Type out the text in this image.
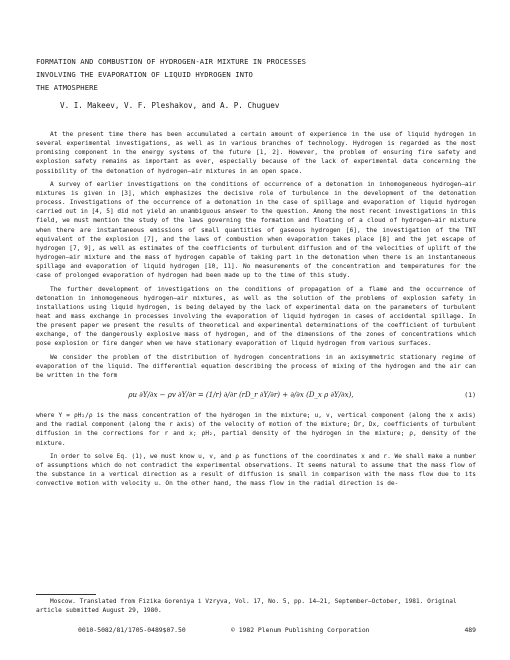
FORMATION AND COMBUSTION OF HYDROGEN-AIR MIXTURE IN PROCESSES
INVOLVING THE EVAPORATION OF LIQUID HYDROGEN INTO
THE ATMOSPHERE
V. I. Makeev, V. F. Pleshakov, and A. P. Chuguev

At the present time there has been accumulated a certain amount of experience in the use of liquid hydrogen in several experimental investigations, as well as in various branches of technology. Hydrogen is regarded as the most promising component in the energy systems of the future [1, 2]. However, the problem of ensuring fire safety and explosion safety remains as important as ever, especially because of the lack of experimental data concerning the possibility of the detonation of hydrogen–air mixtures in an open space.

A survey of earlier investigations on the conditions of occurrence of a detonation in inhomogeneous hydrogen–air mixtures is given in [3], which emphasizes the decisive role of turbulence in the development of the detonation process. Investigations of the occurrence of a detonation in the case of spillage and evaporation of liquid hydrogen carried out in [4, 5] did not yield an unambiguous answer to the question. Among the most recent investigations in this field, we must mention the study of the laws governing the formation and floating of a cloud of hydrogen–air mixture when there are instantaneous emissions of small quantities of gaseous hydrogen [6], the investigation of the TNT equivalent of the explosion [7], and the laws of combustion when evaporation takes place [8] and the jet escape of hydrogen [7, 9], as well as estimates of the coefficients of turbulent diffusion and of the velocities of uplift of the hydrogen–air mixture and the mass of hydrogen capable of taking part in the detonation when there is an instantaneous spillage and evaporation of liquid hydrogen [10, 11]. No measurements of the concentration and temperatures for the case of prolonged evaporation of hydrogen had been made up to the time of this study.

The further development of investigations on the conditions of propagation of a flame and the occurrence of detonation in inhomogeneous hydrogen–air mixtures, as well as the solution of the problems of explosion safety in installations using liquid hydrogen, is being delayed by the lack of experimental data on the parameters of turbulent heat and mass exchange in processes involving the evaporation of liquid hydrogen in cases of accidental spillage. In the present paper we present the results of theoretical and experimental determinations of the coefficient of turbulent exchange, of the dangerously explosive mass of hydrogen, and of the dimensions of the zones of concentrations which pose explosion or fire danger when we have stationary evaporation of liquid hydrogen from various surfaces.

We consider the problem of the distribution of hydrogen concentrations in an axisymmetric stationary regime of evaporation of the liquid. The differential equation describing the process of mixing of the hydrogen and the air can be written in the form

ρu ∂Y/∂x − ρv ∂Y/∂r = (1/r) ∂/∂r (rD_r ∂Y/∂r) + ∂/∂x (D_x ρ ∂Y/∂x),	(1)

where Y = ρH₂/ρ is the mass concentration of the hydrogen in the mixture; u, v, vertical component (along the x axis) and the radial component (along the r axis) of the velocity of motion of the mixture; Dr, Dx, coefficients of turbulent diffusion in the corrections for r and x; ρH₂, partial density of the hydrogen in the mixture; ρ, density of the mixture.

In order to solve Eq. (1), we must know u, v, and ρ as functions of the coordinates x and r. We shall make a number of assumptions which do not contradict the experimental observations. It seems natural to assume that the mass flow of the substance in a vertical direction as a result of diffusion is small in comparison with the mass flow due to its convective motion with velocity u. On the other hand, the mass flow in the radial direction is de-

Moscow. Translated from Fizika Goreniya i Vzryva, Vol. 17, No. 5, pp. 14–21, September–October, 1981. Original article submitted August 29, 1980.
0010-5082/81/1705-0489$07.50	© 1982 Plenum Publishing Corporation	489
